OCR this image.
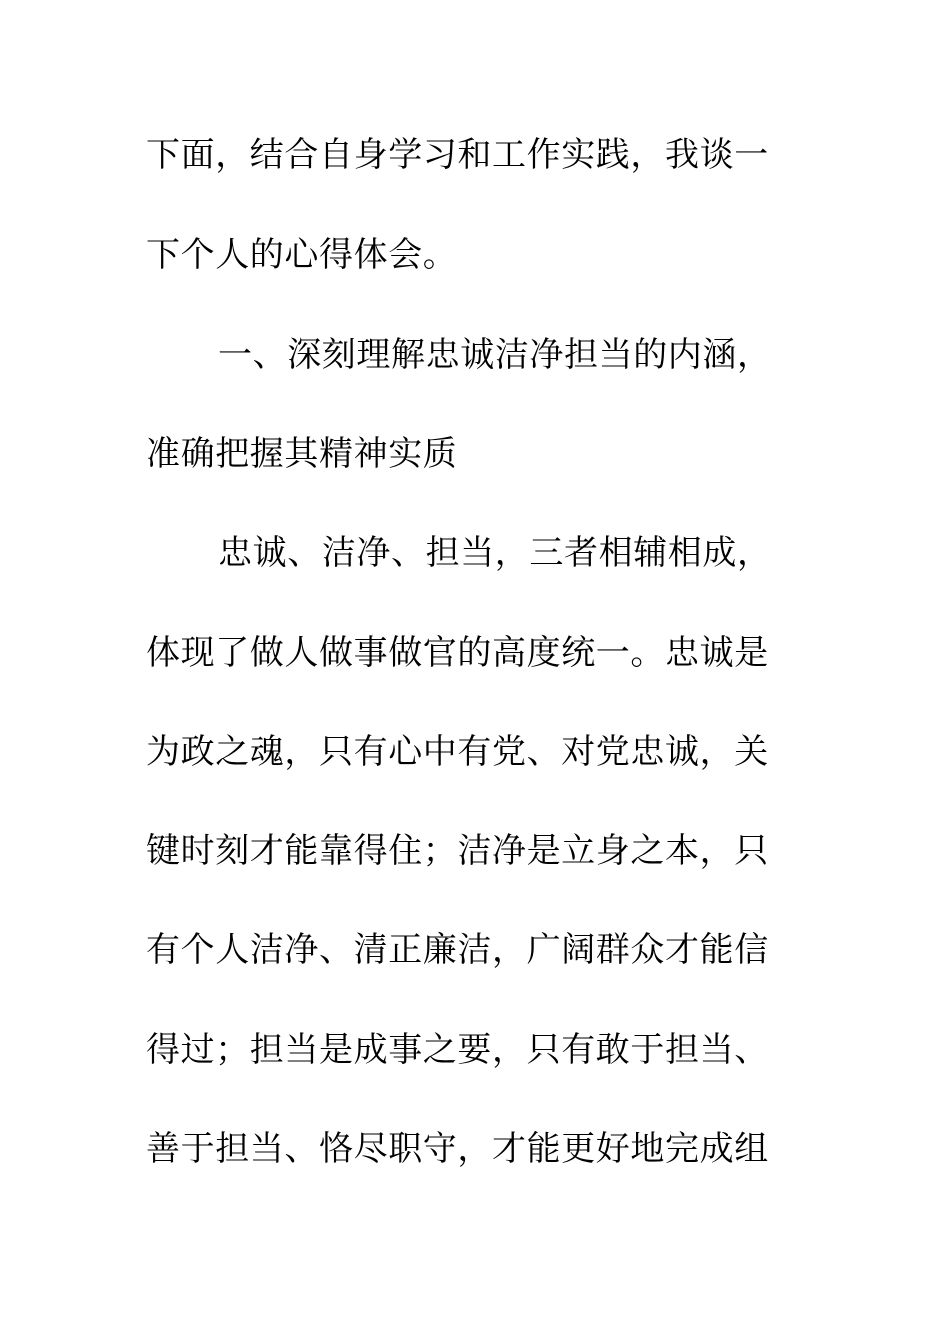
下面，结合自身学习和工作实践，我谈一
下个人的心得体会。
一、深刻理解忠诚洁净担当的内涵，
准确把握其精神实质
忠诚、洁净、担当，三者相辅相成，
体现了做人做事做官的高度统一。忠诚是
为政之魂，只有心中有党、对党忠诚，关
键时刻才能靠得住；洁净是立身之本，只
有个人洁净、清正廉洁，广阔群众才能信
得过；担当是成事之要，只有敢于担当、
善于担当、恪尽职守，才能更好地完成组
